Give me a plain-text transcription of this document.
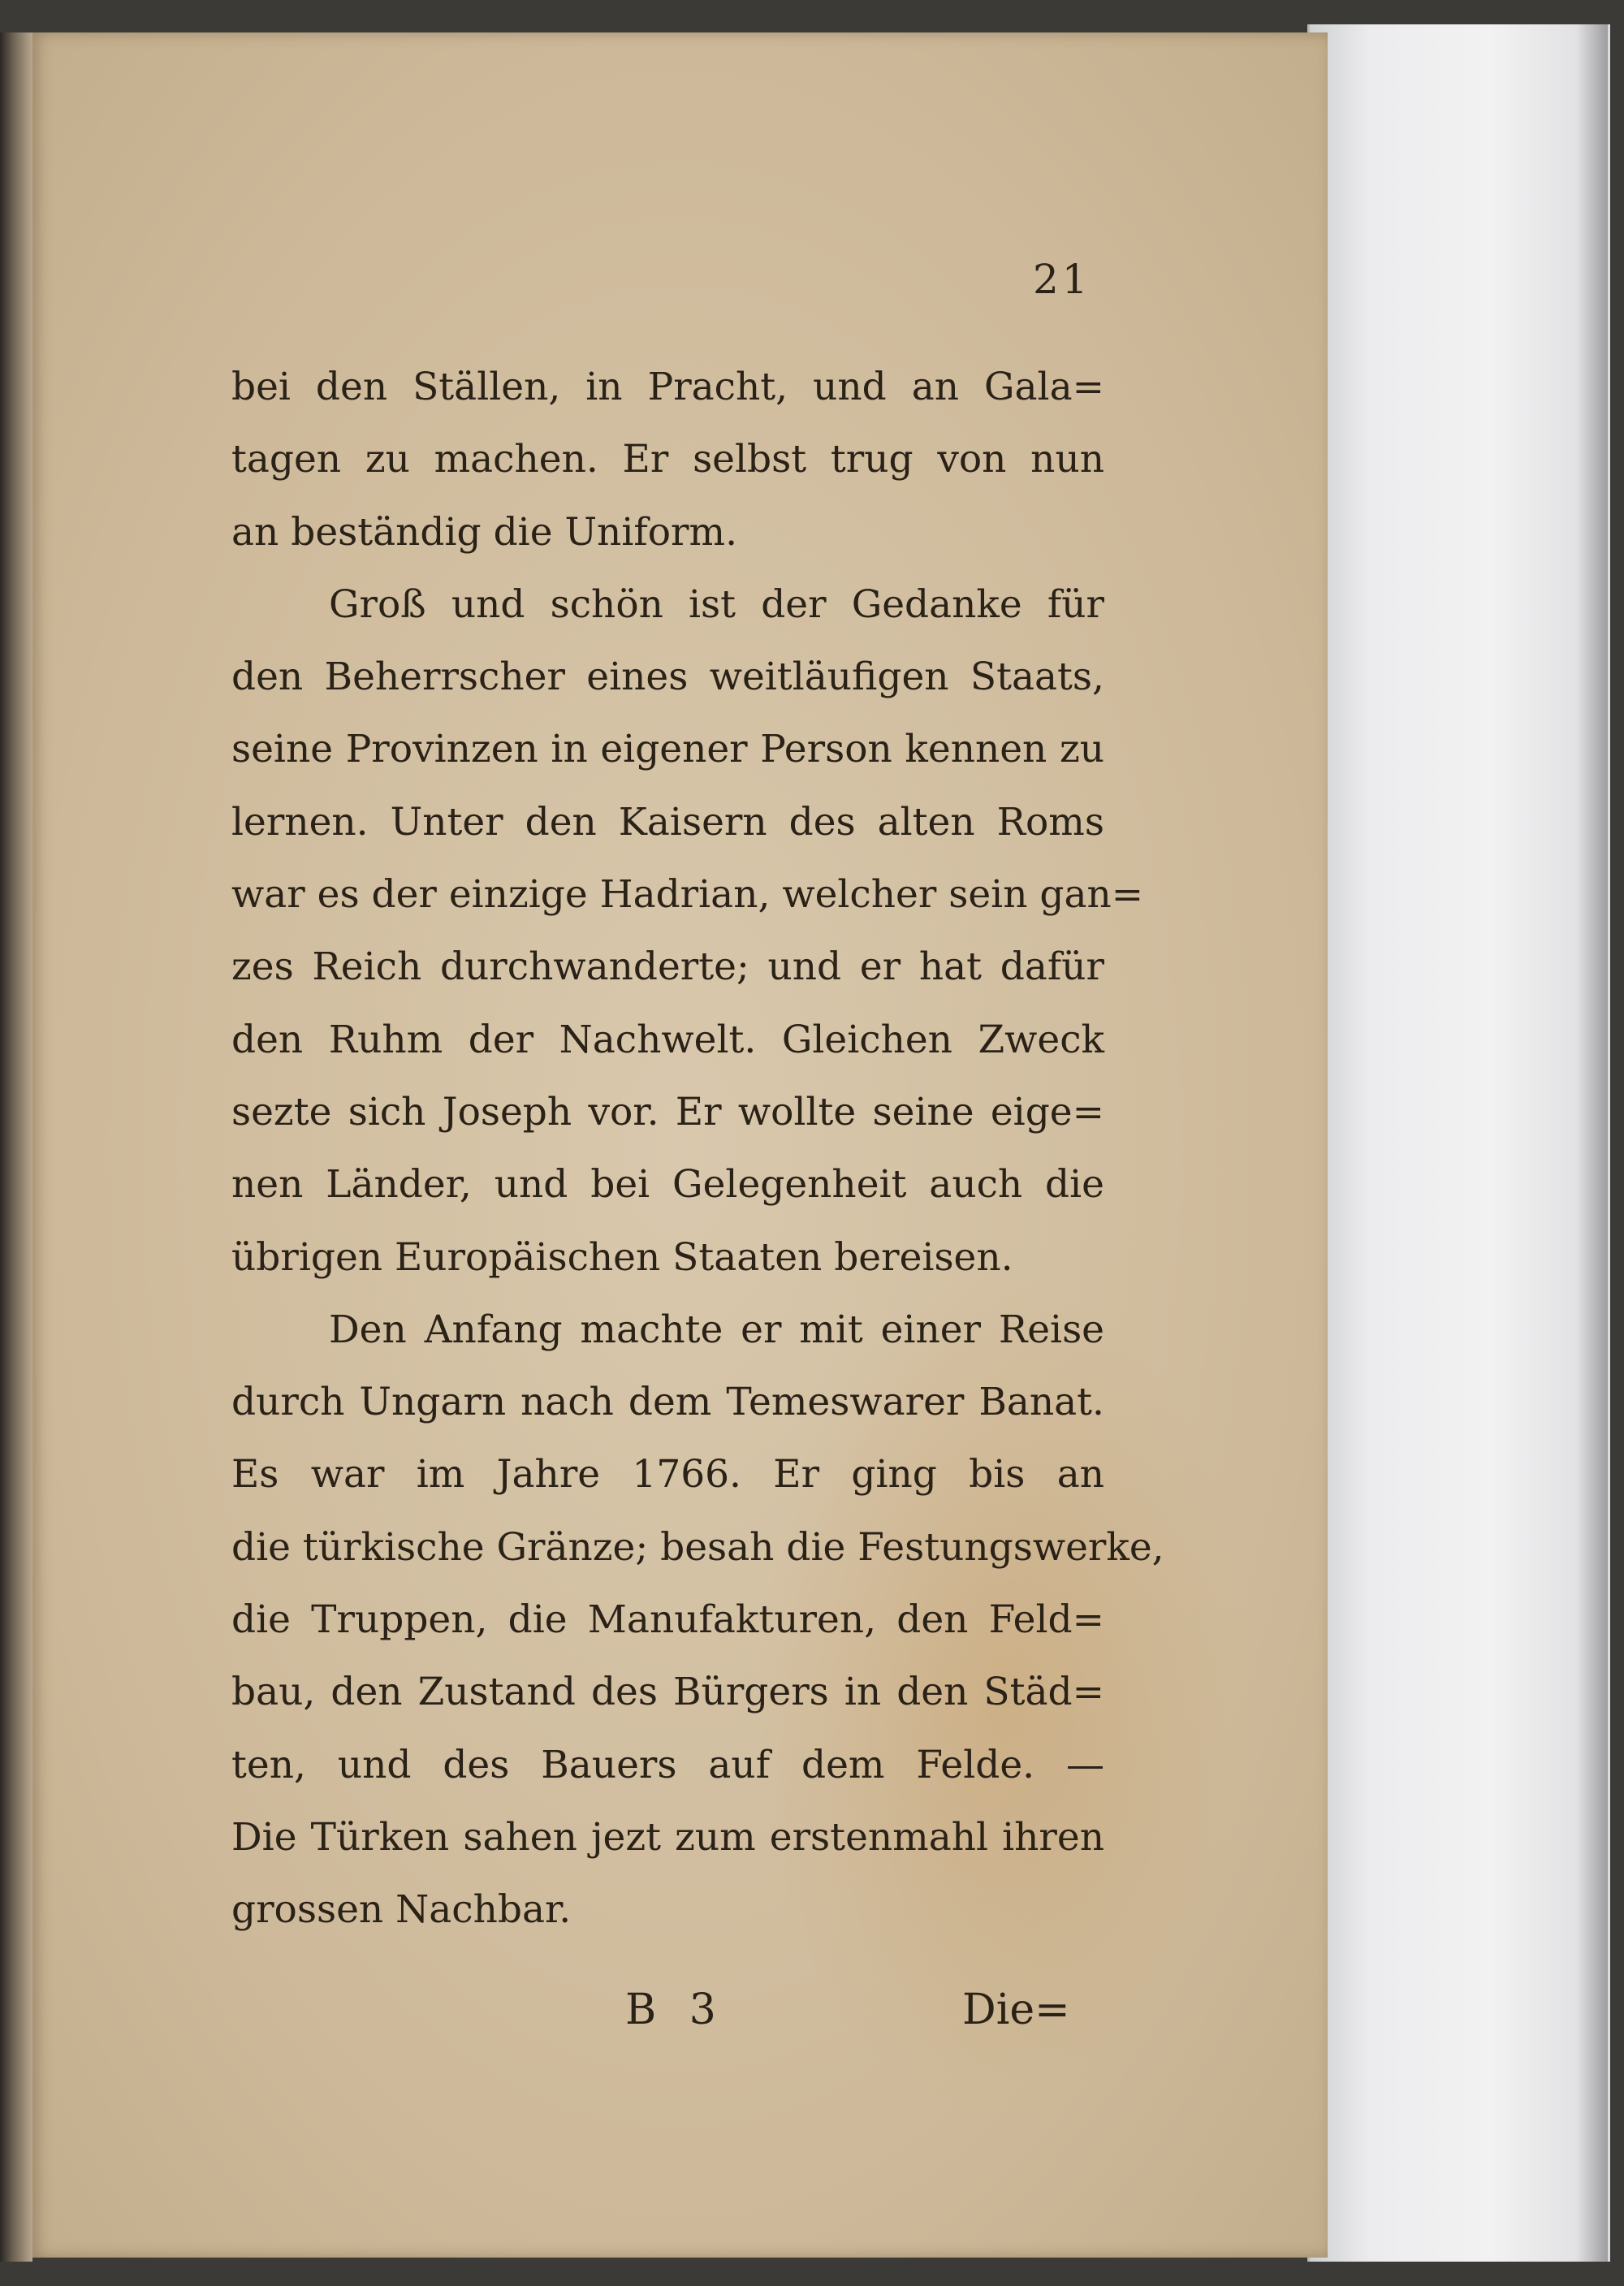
21

bei den Ställen, in Pracht, und an Gala=
tagen zu machen. Er selbst trug von nun
an beständig die Uniform.
Groß und schön ist der Gedanke für
den Beherrscher eines weitläufigen Staats,
seine Provinzen in eigener Person kennen zu
lernen. Unter den Kaisern des alten Roms
war es der einzige Hadrian, welcher sein gan=
zes Reich durchwanderte; und er hat dafür
den Ruhm der Nachwelt. Gleichen Zweck
sezte sich Joseph vor. Er wollte seine eige=
nen Länder, und bei Gelegenheit auch die
übrigen Europäischen Staaten bereisen.
Den Anfang machte er mit einer Reise
durch Ungarn nach dem Temeswarer Banat.
Es war im Jahre 1766. Er ging bis an
die türkische Gränze; besah die Festungswerke,
die Truppen, die Manufakturen, den Feld=
bau, den Zustand des Bürgers in den Städ=
ten, und des Bauers auf dem Felde. —
Die Türken sahen jezt zum erstenmahl ihren
grossen Nachbar.

B 3	Die=
